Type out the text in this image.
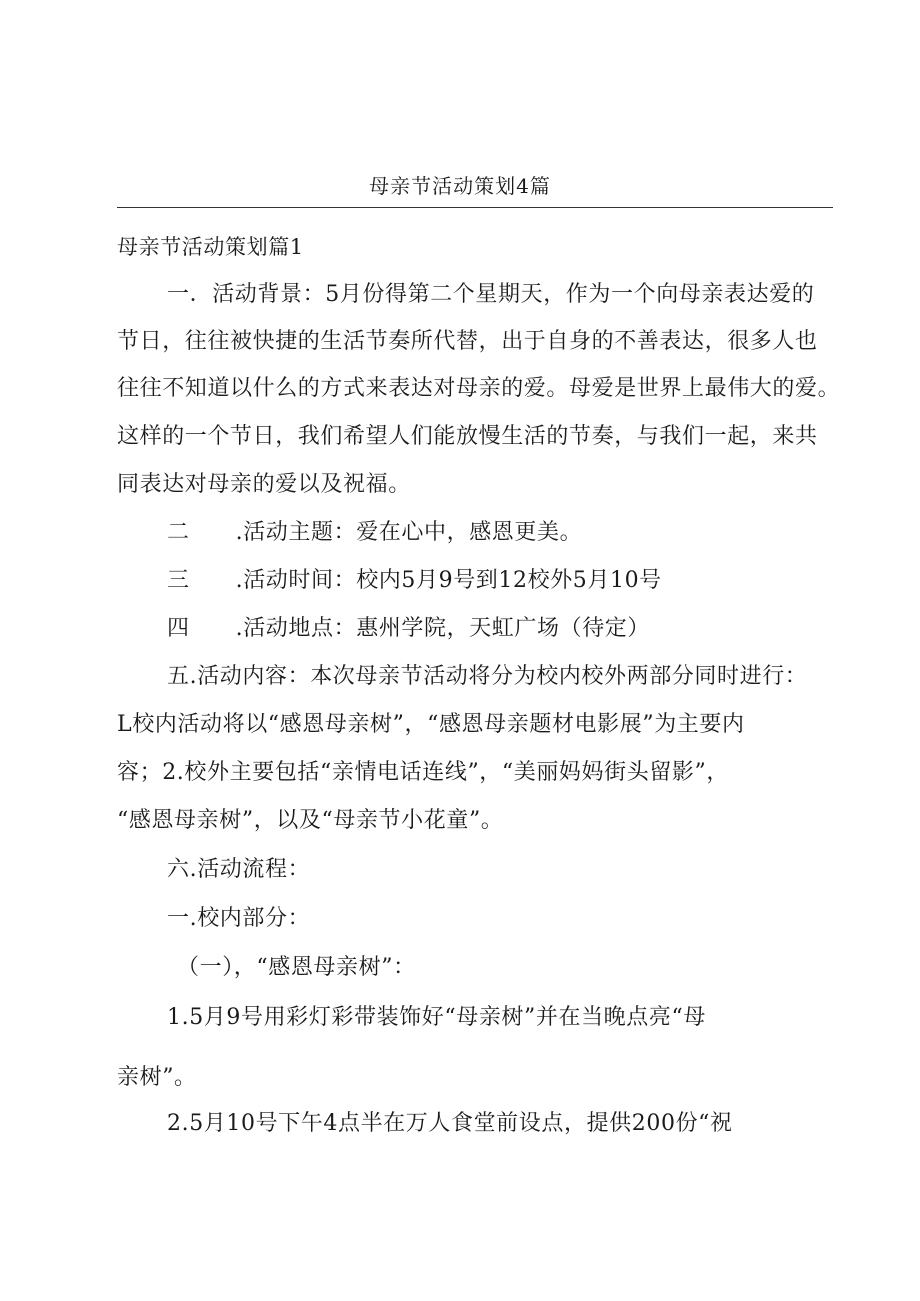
母亲节活动策划4篇
母亲节活动策划篇1
一．活动背景：5月份得第二个星期天，作为一个向母亲表达爱的
节日，往往被快捷的生活节奏所代替，出于自身的不善表达，很多人也
往往不知道以什么的方式来表达对母亲的爱。母爱是世界上最伟大的爱。
这样的一个节日，我们希望人们能放慢生活的节奏，与我们一起，来共
同表达对母亲的爱以及祝福。
二 .活动主题：爱在心中，感恩更美。
三 .活动时间：校内5月9号到12校外5月10号
四 .活动地点：惠州学院，天虹广场（待定）
五.活动内容：本次母亲节活动将分为校内校外两部分同时进行：
L校内活动将以“感恩母亲树”，“感恩母亲题材电影展”为主要内
容；2.校外主要包括“亲情电话连线”，“美丽妈妈街头留影”，
“感恩母亲树”，以及“母亲节小花童”。
六.活动流程：
一.校内部分：
（一），“感恩母亲树”：
1.5月9号用彩灯彩带装饰好“母亲树”并在当晚点亮“母
亲树”。
2.5月10号下午4点半在万人食堂前设点，提供200份“祝
